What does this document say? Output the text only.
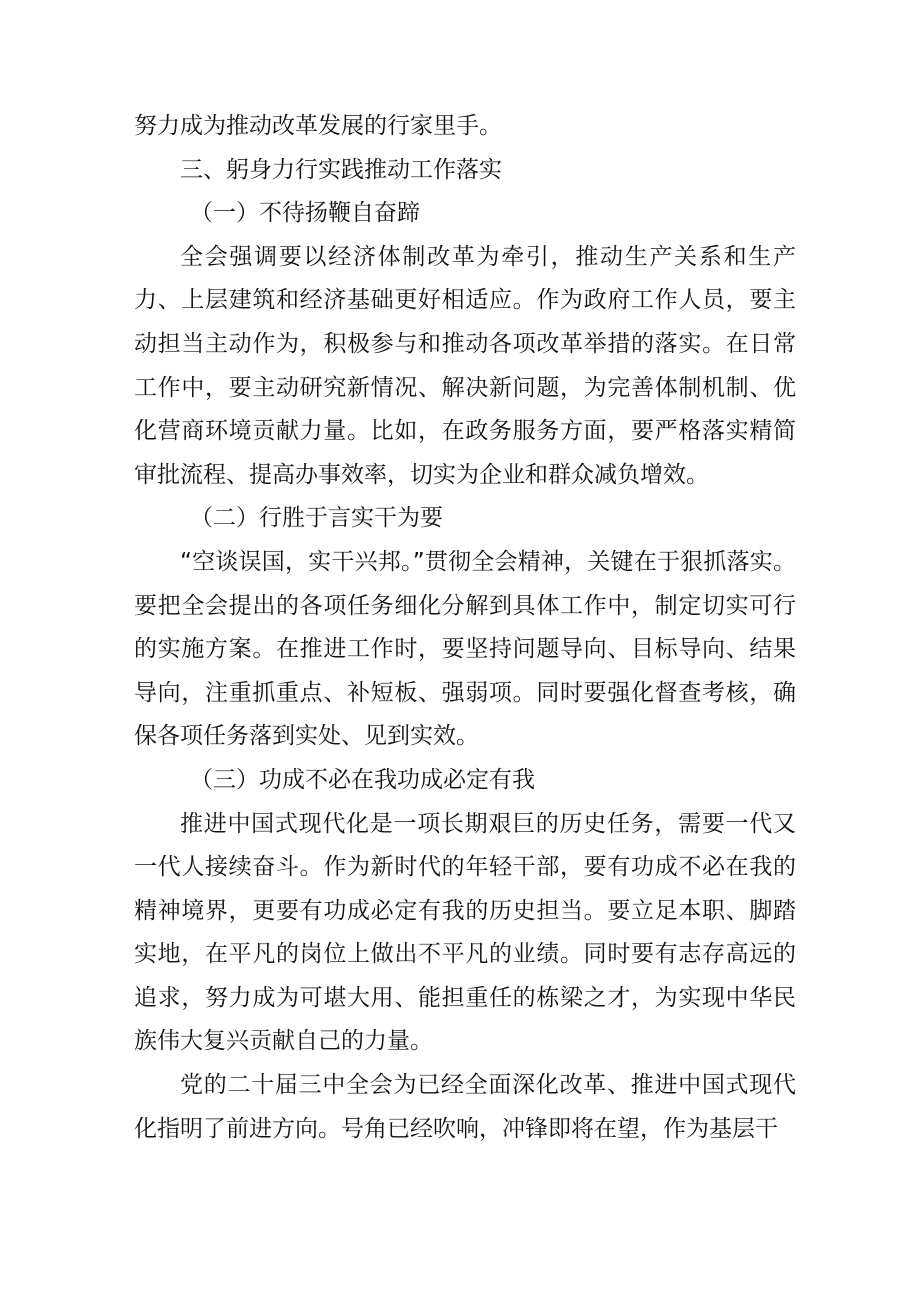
努力成为推动改革发展的行家里手。

三、躬身力行实践推动工作落实

（一）不待扬鞭自奋蹄

全会强调要以经济体制改革为牵引，推动生产关系和生产力、上层建筑和经济基础更好相适应。作为政府工作人员，要主动担当主动作为，积极参与和推动各项改革举措的落实。在日常工作中，要主动研究新情况、解决新问题，为完善体制机制、优化营商环境贡献力量。比如，在政务服务方面，要严格落实精简审批流程、提高办事效率，切实为企业和群众减负增效。

（二）行胜于言实干为要

“空谈误国，实干兴邦。”贯彻全会精神，关键在于狠抓落实。要把全会提出的各项任务细化分解到具体工作中，制定切实可行的实施方案。在推进工作时，要坚持问题导向、目标导向、结果导向，注重抓重点、补短板、强弱项。同时要强化督查考核，确保各项任务落到实处、见到实效。

（三）功成不必在我功成必定有我

推进中国式现代化是一项长期艰巨的历史任务，需要一代又一代人接续奋斗。作为新时代的年轻干部，要有功成不必在我的精神境界，更要有功成必定有我的历史担当。要立足本职、脚踏实地，在平凡的岗位上做出不平凡的业绩。同时要有志存高远的追求，努力成为可堪大用、能担重任的栋梁之才，为实现中华民族伟大复兴贡献自己的力量。

党的二十届三中全会为已经全面深化改革、推进中国式现代化指明了前进方向。号角已经吹响，冲锋即将在望，作为基层干
